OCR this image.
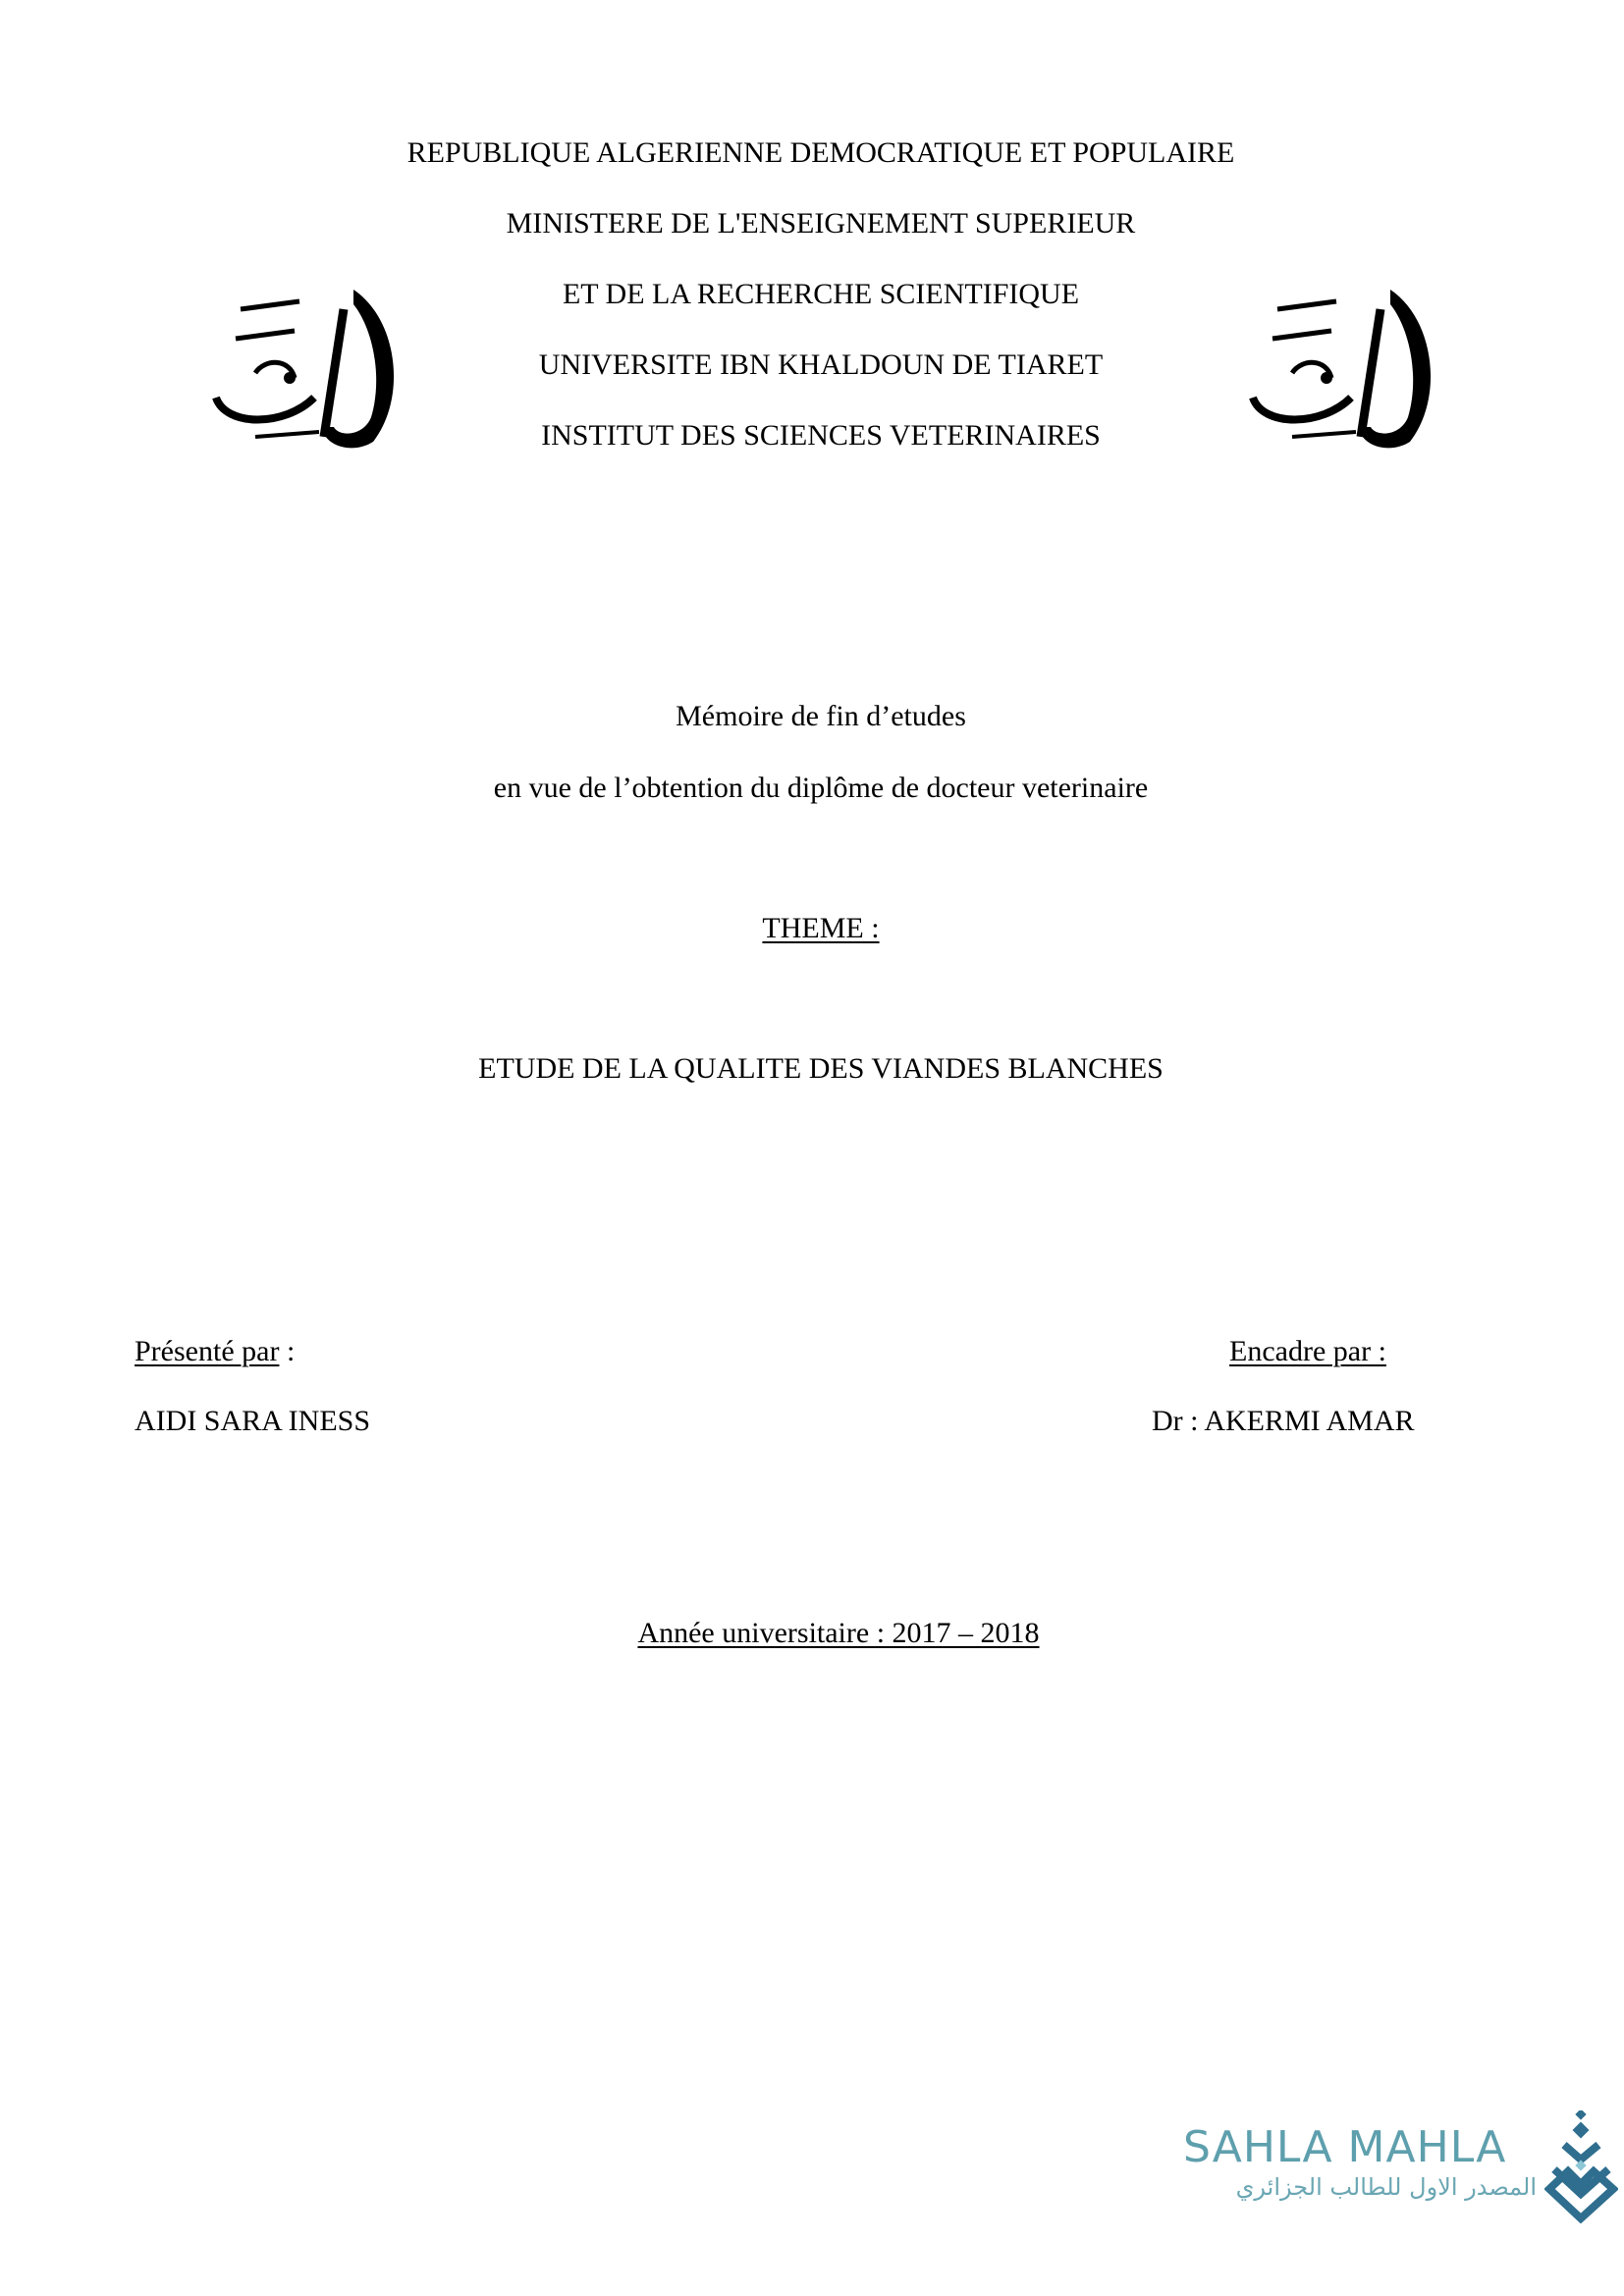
REPUBLIQUE ALGERIENNE DEMOCRATIQUE ET POPULAIRE
MINISTERE DE L'ENSEIGNEMENT SUPERIEUR
ET DE LA RECHERCHE SCIENTIFIQUE
UNIVERSITE IBN KHALDOUN DE TIARET
INSTITUT DES SCIENCES VETERINAIRES
Mémoire de fin d’etudes
en vue de l’obtention du diplôme de docteur veterinaire
THEME :
ETUDE DE LA QUALITE DES VIANDES BLANCHES
Présenté par :
AIDI SARA INESS
Encadre par :
Dr : AKERMI AMAR
Année universitaire : 2017 – 2018
SAHLA MAHLA
المصدر الاول للطالب الجزائري
